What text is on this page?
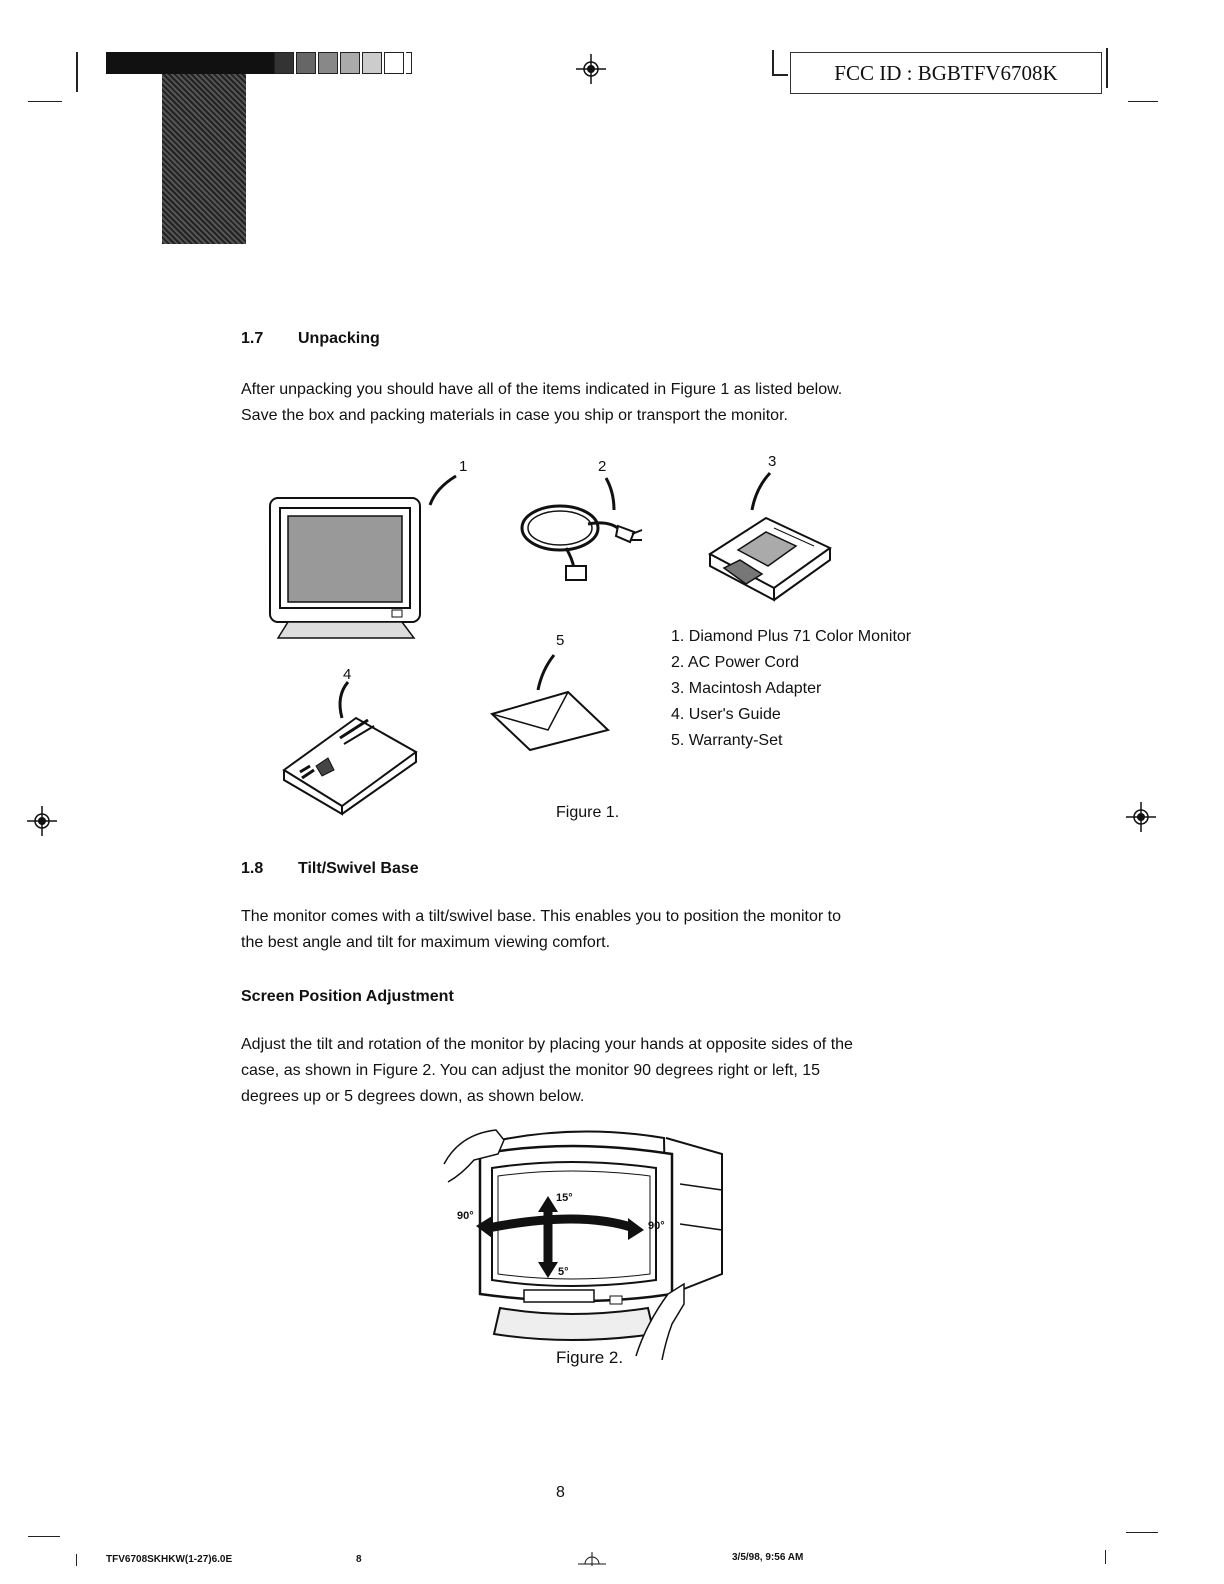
FCC ID : BGBTFV6708K
1.7 Unpacking
After unpacking you should have all of the items indicated in Figure 1 as listed below.
Save the box and packing materials in case you ship or transport the monitor.
1	2	3
4
5	1. Diamond Plus 71 Color Monitor
2. AC Power Cord
3. Macintosh Adapter
4. User's Guide
5. Warranty-Set
Figure 1.
1.8 Tilt/Swivel Base
The monitor comes with a tilt/swivel base. This enables you to position the monitor to
the best angle and tilt for maximum viewing comfort.
Screen Position Adjustment
Adjust the tilt and rotation of the monitor by placing your hands at opposite sides of the
case, as shown in Figure 2. You can adjust the monitor 90 degrees right or left, 15
degrees up or 5 degrees down, as shown below.
15°
5°
90°
90°
Figure 2.
8
TFV6708SKHKW(1-27)6.0E	8	3/5/98, 9:56 AM
